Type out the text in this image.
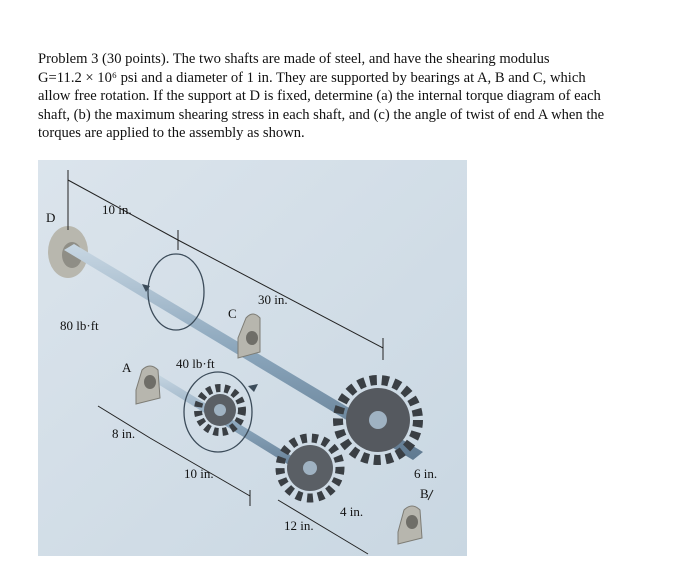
Problem 3 (30 points). The two shafts are made of steel, and have the shearing modulus

G=11.2 × 10⁶ psi and a diameter of 1 in. They are supported by bearings at A, B and C, which

allow free rotation. If the support at D is fixed, determine (a) the internal torque diagram of each

shaft, (b) the maximum shearing stress in each shaft, and (c) the angle of twist of end A when the

torques are applied to the assembly as shown.

D
10 in.
30 in.
C
80 lb·ft
A	40 lb·ft
8 in.
10 in.	6 in.
B
4 in.
12 in.
